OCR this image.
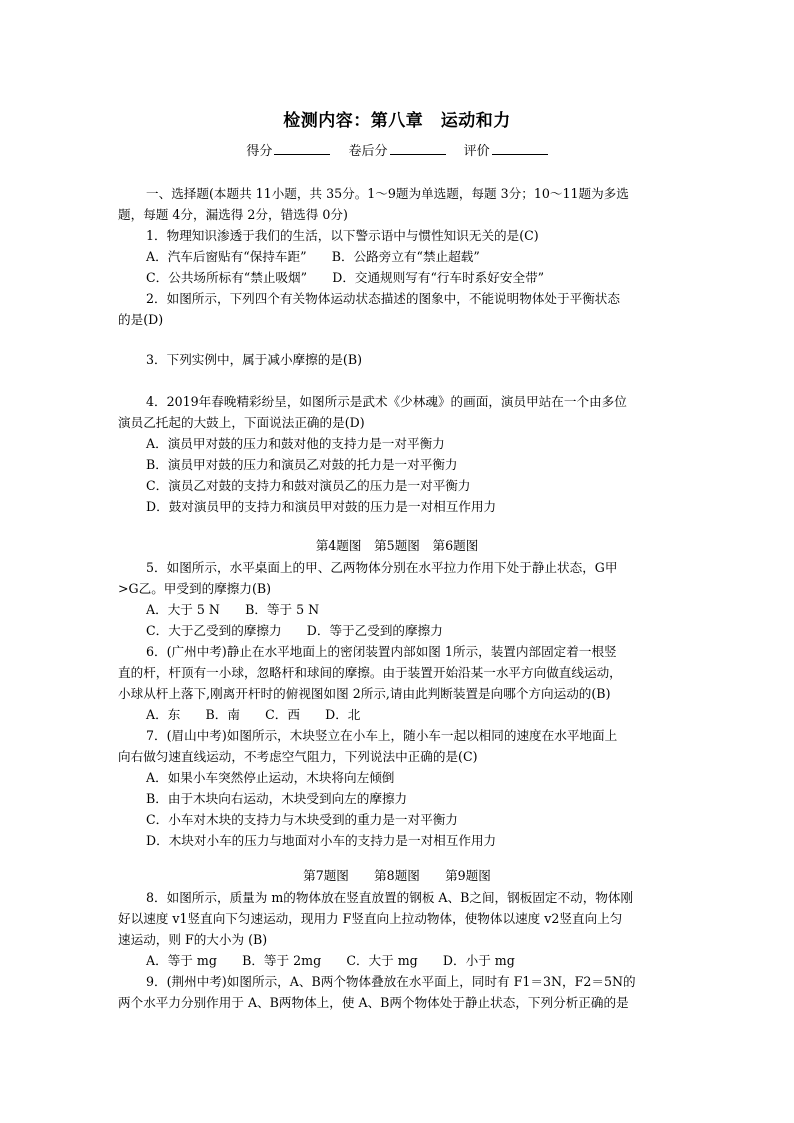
检测内容：第八章　运动和力
得分	卷后分	评价
一、选择题(本题共 11小题，共 35分。1～9题为单选题，每题 3分；10～11题为多选
题，每题 4分，漏选得 2分，错选得 0分)
1．物理知识渗透于我们的生活，以下警示语中与惯性知识无关的是(C)
A．汽车后窗贴有“保持车距”　　B．公路旁立有“禁止超载”
C．公共场所标有“禁止吸烟”　　D．交通规则写有“行车时系好安全带”
2．如图所示，下列四个有关物体运动状态描述的图象中，不能说明物体处于平衡状态
的是(D)
3．下列实例中，属于减小摩擦的是(B)
4．2019年春晚精彩纷呈，如图所示是武术《少林魂》的画面，演员甲站在一个由多位
演员乙托起的大鼓上，下面说法正确的是(D)
A．演员甲对鼓的压力和鼓对他的支持力是一对平衡力
B．演员甲对鼓的压力和演员乙对鼓的托力是一对平衡力
C．演员乙对鼓的支持力和鼓对演员乙的压力是一对平衡力
D．鼓对演员甲的支持力和演员甲对鼓的压力是一对相互作用力
第4题图　第5题图　第6题图
5．如图所示，水平桌面上的甲、乙两物体分别在水平拉力作用下处于静止状态，G甲
>G乙。甲受到的摩擦力(B)
A．大于 5 N　　B．等于 5 N
C．大于乙受到的摩擦力　　D．等于乙受到的摩擦力
6．(广州中考)静止在水平地面上的密闭装置内部如图 1所示，装置内部固定着一根竖
直的杆，杆顶有一小球，忽略杆和球间的摩擦。由于装置开始沿某一水平方向做直线运动，
小球从杆上落下,刚离开杆时的俯视图如图 2所示,请由此判断装置是向哪个方向运动的(B)
A．东　　B．南　　C．西　　D．北
7．(眉山中考)如图所示，木块竖立在小车上，随小车一起以相同的速度在水平地面上
向右做匀速直线运动，不考虑空气阻力，下列说法中正确的是(C)
A．如果小车突然停止运动，木块将向左倾倒
B．由于木块向右运动，木块受到向左的摩擦力
C．小车对木块的支持力与木块受到的重力是一对平衡力
D．木块对小车的压力与地面对小车的支持力是一对相互作用力
第7题图　　第8题图　　第9题图
8．如图所示，质量为 m的物体放在竖直放置的钢板 A、B之间，钢板固定不动，物体刚
好以速度 v1竖直向下匀速运动，现用力 F竖直向上拉动物体，使物体以速度 v2竖直向上匀
速运动，则 F的大小为 (B)
A．等于 mg　　B．等于 2mg　　C．大于 mg　　D．小于 mg
9．(荆州中考)如图所示，A、B两个物体叠放在水平面上，同时有 F1＝3N，F2＝5N的
两个水平力分别作用于 A、B两物体上，使 A、B两个物体处于静止状态，下列分析正确的是
